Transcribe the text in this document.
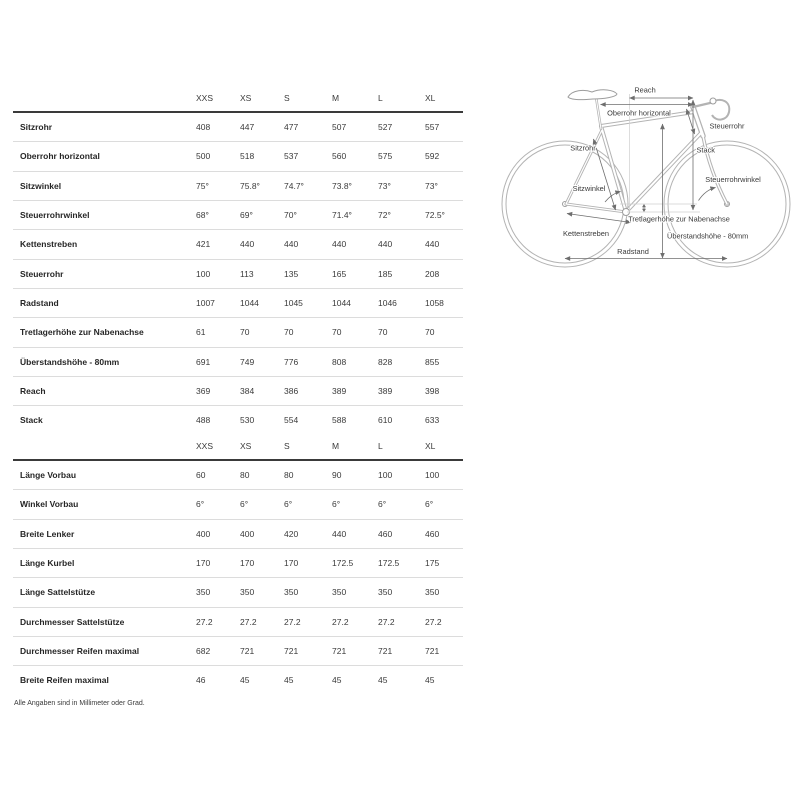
	XXS	XS	S	M	L	XL
Sitzrohr	408	447	477	507	527	557
Oberrohr horizontal	500	518	537	560	575	592
Sitzwinkel	75°	75.8°	74.7°	73.8°	73°	73°
Steuerrohrwinkel	68°	69°	70°	71.4°	72°	72.5°
Kettenstreben	421	440	440	440	440	440
Steuerrohr	100	113	135	165	185	208
Radstand	1007	1044	1045	1044	1046	1058
Tretlagerhöhe zur Nabenachse	61	70	70	70	70	70
Überstandshöhe - 80mm	691	749	776	808	828	855
Reach	369	384	386	389	389	398
Stack	488	530	554	588	610	633
	XXS	XS	S	M	L	XL
Länge Vorbau	60	80	80	90	100	100
Winkel Vorbau	6°	6°	6°	6°	6°	6°
Breite Lenker	400	400	420	440	460	460
Länge Kurbel	170	170	170	172.5	172.5	175
Länge Sattelstütze	350	350	350	350	350	350
Durchmesser Sattelstütze	27.2	27.2	27.2	27.2	27.2	27.2
Durchmesser Reifen maximal	682	721	721	721	721	721
Breite Reifen maximal	46	45	45	45	45	45
Alle Angaben sind in Millimeter oder Grad.
Reach
Oberrohr horizontal
Steuerrohr
Stack
Sitzrohr
Sitzwinkel
Steuerrohrwinkel
Tretlagerhöhe zur Nabenachse
Kettenstreben	Überstandshöhe - 80mm
Radstand
